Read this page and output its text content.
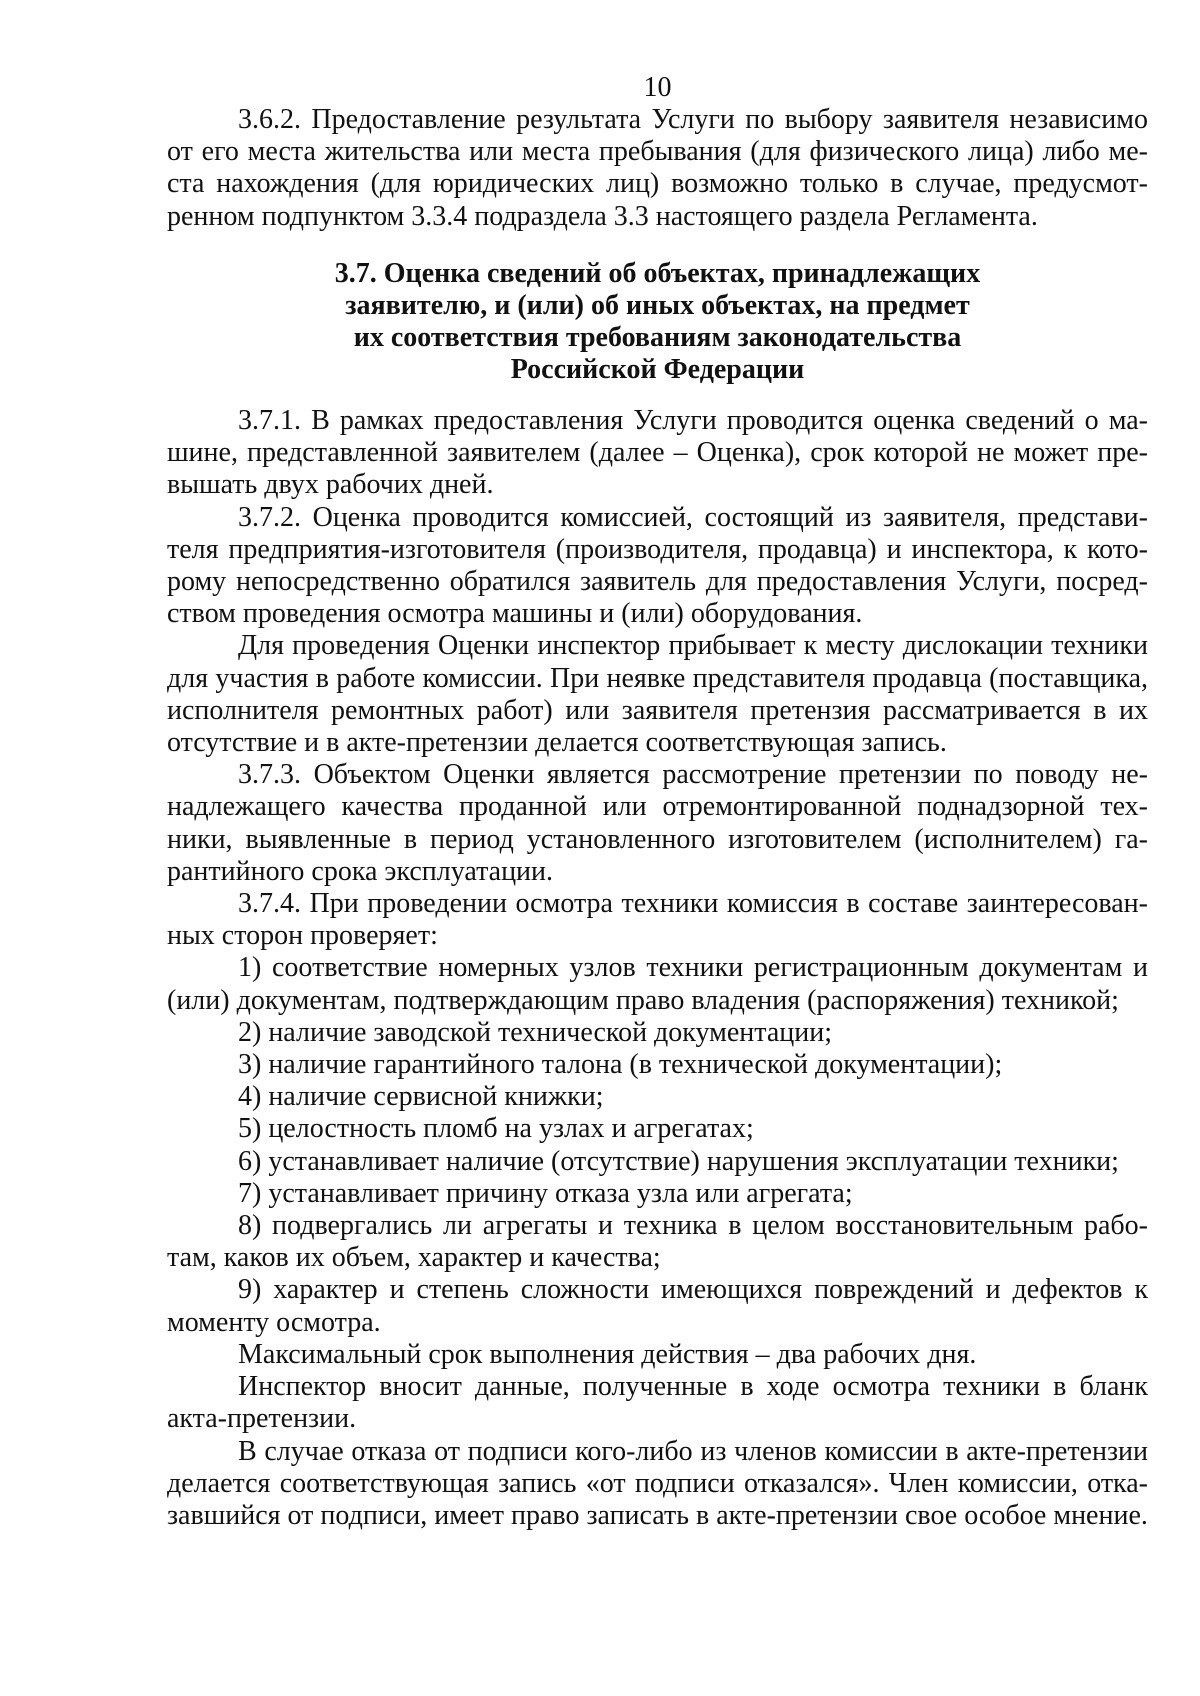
10

3.6.2. Предоставление результата Услуги по выбору заявителя независимо от его места жительства или места пребывания (для физического лица) либо места нахождения (для юридических лиц) возможно только в случае, предусмотренном подпунктом 3.3.4 подраздела 3.3 настоящего раздела Регламента.

3.7. Оценка сведений об объектах, принадлежащих
заявителю, и (или) об иных объектах, на предмет
их соответствия требованиям законодательства
Российской Федерации

3.7.1. В рамках предоставления Услуги проводится оценка сведений о машине, представленной заявителем (далее – Оценка), срок которой не может превышать двух рабочих дней.

3.7.2. Оценка проводится комиссией, состоящий из заявителя, представителя предприятия-изготовителя (производителя, продавца) и инспектора, к которому непосредственно обратился заявитель для предоставления Услуги, посредством проведения осмотра машины и (или) оборудования.

Для проведения Оценки инспектор прибывает к месту дислокации техники для участия в работе комиссии. При неявке представителя продавца (поставщика, исполнителя ремонтных работ) или заявителя претензия рассматривается в их отсутствие и в акте-претензии делается соответствующая запись.

3.7.3. Объектом Оценки является рассмотрение претензии по поводу ненадлежащего качества проданной или отремонтированной поднадзорной техники, выявленные в период установленного изготовителем (исполнителем) гарантийного срока эксплуатации.

3.7.4. При проведении осмотра техники комиссия в составе заинтересованных сторон проверяет:

1) соответствие номерных узлов техники регистрационным документам и (или) документам, подтверждающим право владения (распоряжения) техникой;

2) наличие заводской технической документации;

3) наличие гарантийного талона (в технической документации);

4) наличие сервисной книжки;

5) целостность пломб на узлах и агрегатах;

6) устанавливает наличие (отсутствие) нарушения эксплуатации техники;

7) устанавливает причину отказа узла или агрегата;

8) подвергались ли агрегаты и техника в целом восстановительным работам, каков их объем, характер и качества;

9) характер и степень сложности имеющихся повреждений и дефектов к моменту осмотра.

Максимальный срок выполнения действия – два рабочих дня.

Инспектор вносит данные, полученные в ходе осмотра техники в бланк акта-претензии.

В случае отказа от подписи кого-либо из членов комиссии в акте-претензии делается соответствующая запись «от подписи отказался». Член комиссии, отказавшийся от подписи, имеет право записать в акте-претензии свое особое мнение.
